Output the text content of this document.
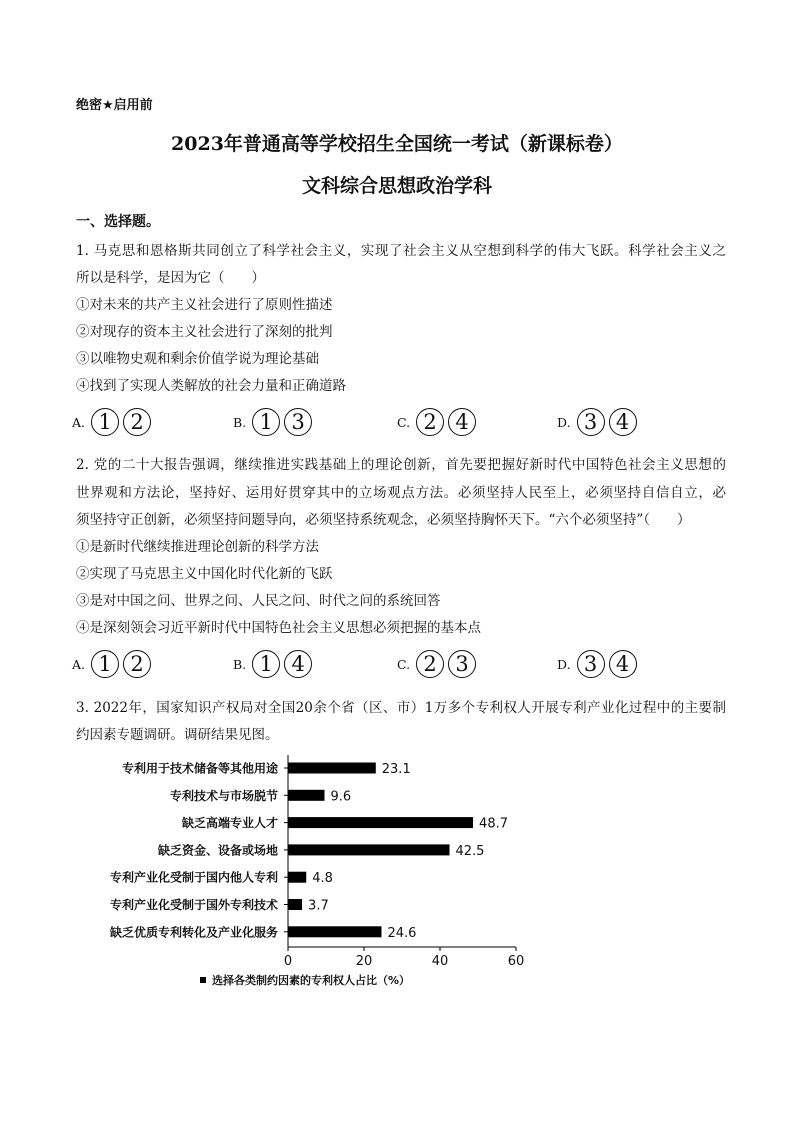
绝密★启用前
2023年普通高等学校招生全国统一考试（新课标卷）
文科综合思想政治学科
一、选择题。
1. 马克思和恩格斯共同创立了科学社会主义，实现了社会主义从空想到科学的伟大飞跃。科学社会主义之
所以是科学，是因为它（　　）
①对未来的共产主义社会进行了原则性描述
②对现存的资本主义社会进行了深刻的批判
③以唯物史观和剩余价值学说为理论基础
④找到了实现人类解放的社会力量和正确道路
A. 1 2	B. 1 3	C. 2 4	D. 3 4
2. 党的二十大报告强调，继续推进实践基础上的理论创新，首先要把握好新时代中国特色社会主义思想的
世界观和方法论，坚持好、运用好贯穿其中的立场观点方法。必须坚持人民至上，必须坚持自信自立，必
须坚持守正创新，必须坚持问题导向，必须坚持系统观念，必须坚持胸怀天下。“六个必须坚持”（　　）
①是新时代继续推进理论创新的科学方法
②实现了马克思主义中国化时代化新的飞跃
③是对中国之问、世界之问、人民之问、时代之问的系统回答
④是深刻领会习近平新时代中国特色社会主义思想必须把握的基本点
A. 1 2	B. 1 4	C. 2 3	D. 3 4
3. 2022年，国家知识产权局对全国20余个省（区、市）1万多个专利权人开展专利产业化过程中的主要制
约因素专题调研。调研结果见图。
专利用于技术储备等其他用途	23.1
专利技术与市场脱节	9.6
缺乏高端专业人才	48.7
缺乏资金、设备或场地	42.5
专利产业化受制于国内他人专利	4.8
专利产业化受制于国外专利技术 3.7
缺乏优质专利转化及产业化服务	24.6
0	20	40	60
选择各类制约因素的专利权人占比（%）
